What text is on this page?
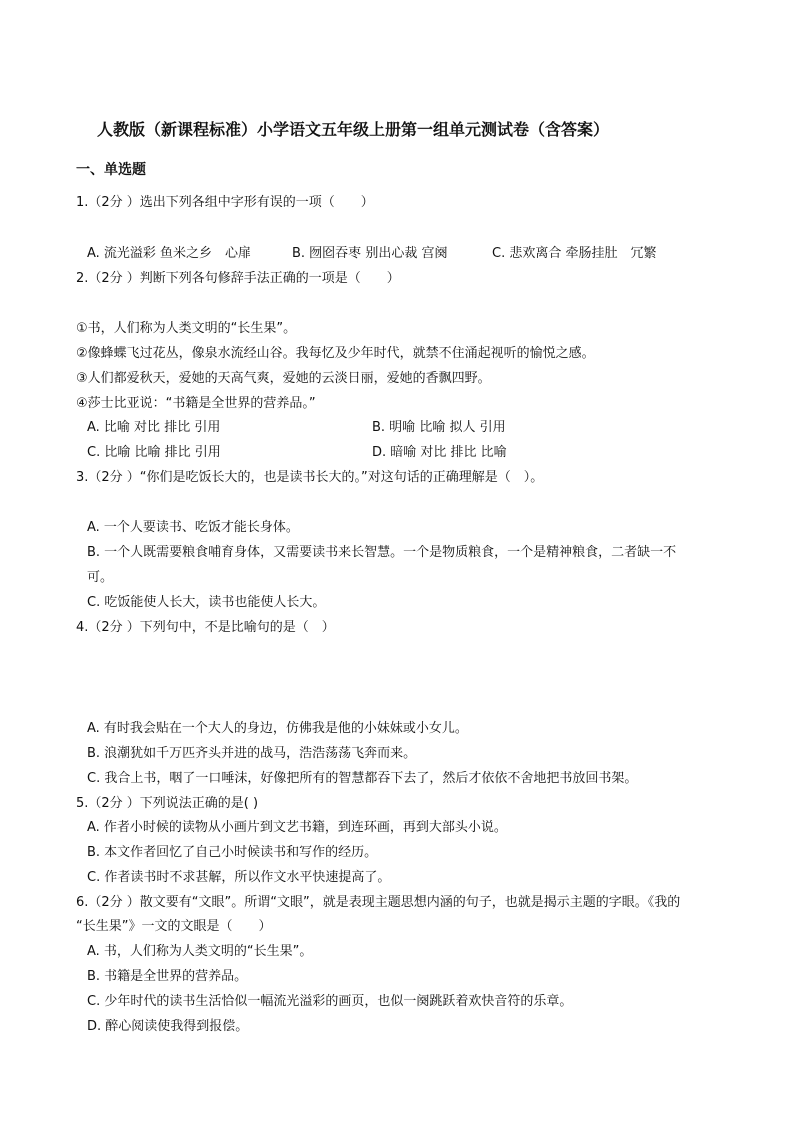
人教版（新课程标准）小学语文五年级上册第一组单元测试卷（含答案）
一、单选题
1.（2分 ）选出下列各组中字形有误的一项（　　）
A. 流光溢彩 鱼米之乡　心扉	B. 囫囵吞枣 别出心裁 宫阕	C. 悲欢离合 牵肠挂肚　冗繁
2.（2分 ）判断下列各句修辞手法正确的一项是（　　）
①书，人们称为人类文明的“长生果”。
②像蜂蝶飞过花丛，像泉水流经山谷。我每忆及少年时代，就禁不住涌起视听的愉悦之感。
③人们都爱秋天，爱她的天高气爽，爱她的云淡日丽，爱她的香飘四野。
④莎士比亚说：“书籍是全世界的营养品。”
A. 比喻 对比 排比 引用	B. 明喻 比喻 拟人 引用
C. 比喻 比喻 排比 引用	D. 暗喻 对比 排比 比喻
3.（2分 ）“你们是吃饭长大的，也是读书长大的。”对这句话的正确理解是（　）。
A. 一个人要读书、吃饭才能长身体。
B. 一个人既需要粮食哺育身体，又需要读书来长智慧。一个是物质粮食，一个是精神粮食，二者缺一不
可。
C. 吃饭能使人长大，读书也能使人长大。
4.（2分 ）下列句中，不是比喻句的是（　）
A. 有时我会贴在一个大人的身边，仿佛我是他的小妹妹或小女儿。
B. 浪潮犹如千万匹齐头并进的战马，浩浩荡荡飞奔而来。
C. 我合上书，咽了一口唾沫，好像把所有的智慧都吞下去了，然后才依依不舍地把书放回书架。
5.（2分 ）下列说法正确的是( )
A. 作者小时候的读物从小画片到文艺书籍，到连环画，再到大部头小说。
B. 本文作者回忆了自己小时候读书和写作的经历。
C. 作者读书时不求甚解，所以作文水平快速提高了。
6.（2分 ）散文要有“文眼”。所谓“文眼”，就是表现主题思想内涵的句子，也就是揭示主题的字眼。《我的
“长生果”》一文的文眼是（　　）
A. 书，人们称为人类文明的“长生果”。
B. 书籍是全世界的营养品。
C. 少年时代的读书生活恰似一幅流光溢彩的画页，也似一阕跳跃着欢快音符的乐章。
D. 醉心阅读使我得到报偿。
